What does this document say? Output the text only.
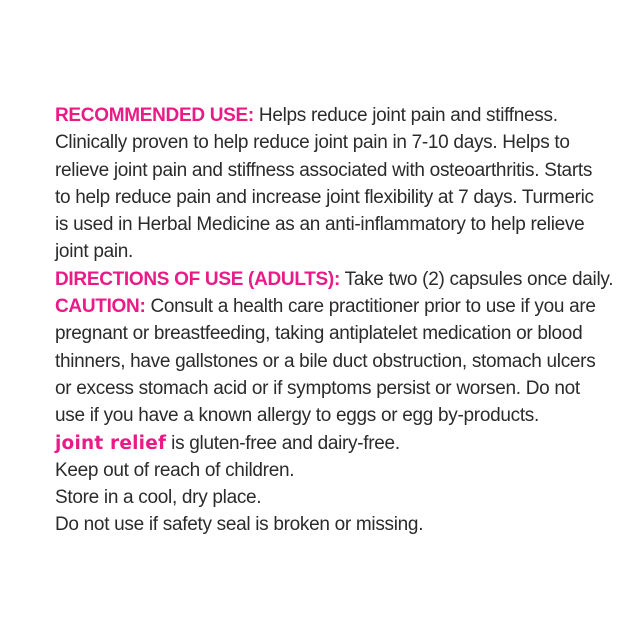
RECOMMENDED USE: Helps reduce joint pain and stiffness.
Clinically proven to help reduce joint pain in 7-10 days. Helps to
relieve joint pain and stiffness associated with osteoarthritis. Starts
to help reduce pain and increase joint flexibility at 7 days. Turmeric
is used in Herbal Medicine as an anti-inflammatory to help relieve
joint pain.
DIRECTIONS OF USE (ADULTS): Take two (2) capsules once daily.
CAUTION: Consult a health care practitioner prior to use if you are
pregnant or breastfeeding, taking antiplatelet medication or blood
thinners, have gallstones or a bile duct obstruction, stomach ulcers
or excess stomach acid or if symptoms persist or worsen. Do not
use if you have a known allergy to eggs or egg by-products.
joint relief is gluten-free and dairy-free.
Keep out of reach of children.
Store in a cool, dry place.
Do not use if safety seal is broken or missing.
